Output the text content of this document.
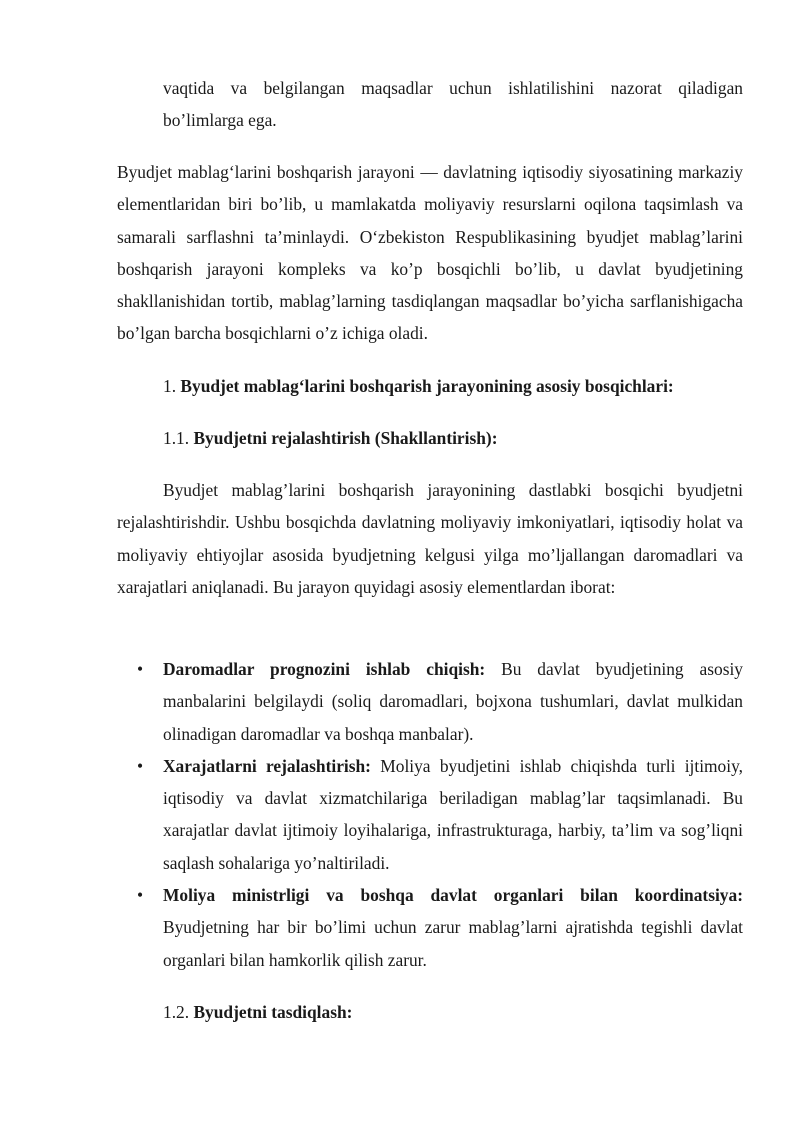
vaqtida va belgilangan maqsadlar uchun ishlatilishini nazorat qiladigan bo’limlarga ega.

Byudjet mablag‘larini boshqarish jarayoni — davlatning iqtisodiy siyosatining markaziy elementlaridan biri bo’lib, u mamlakatda moliyaviy resurslarni oqilona taqsimlash va samarali sarflashni ta’minlaydi. O‘zbekiston Respublikasining byudjet mablag’larini boshqarish jarayoni kompleks va ko’p bosqichli bo’lib, u davlat byudjetining shakllanishidan tortib, mablag’larning tasdiqlangan maqsadlar bo’yicha sarflanishigacha bo’lgan barcha bosqichlarni o’z ichiga oladi.

1. Byudjet mablag‘larini boshqarish jarayonining asosiy bosqichlari:

1.1. Byudjetni rejalashtirish (Shakllantirish):

Byudjet mablag’larini boshqarish jarayonining dastlabki bosqichi byudjetni rejalashtirishdir. Ushbu bosqichda davlatning moliyaviy imkoniyatlari, iqtisodiy holat va moliyaviy ehtiyojlar asosida byudjetning kelgusi yilga mo’ljallangan daromadlari va xarajatlari aniqlanadi. Bu jarayon quyidagi asosiy elementlardan iborat:

• Daromadlar prognozini ishlab chiqish: Bu davlat byudjetining asosiy manbalarini belgilaydi (soliq daromadlari, bojxona tushumlari, davlat mulkidan olinadigan daromadlar va boshqa manbalar).
• Xarajatlarni rejalashtirish: Moliya byudjetini ishlab chiqishda turli ijtimoiy, iqtisodiy va davlat xizmatchilariga beriladigan mablag’lar taqsimlanadi. Bu xarajatlar davlat ijtimoiy loyihalariga, infrastrukturaga, harbiy, ta’lim va sog’liqni saqlash sohalariga yo’naltiriladi.
• Moliya ministrligi va boshqa davlat organlari bilan koordinatsiya: Byudjetning har bir bo’limi uchun zarur mablag’larni ajratishda tegishli davlat organlari bilan hamkorlik qilish zarur.

1.2. Byudjetni tasdiqlash:
